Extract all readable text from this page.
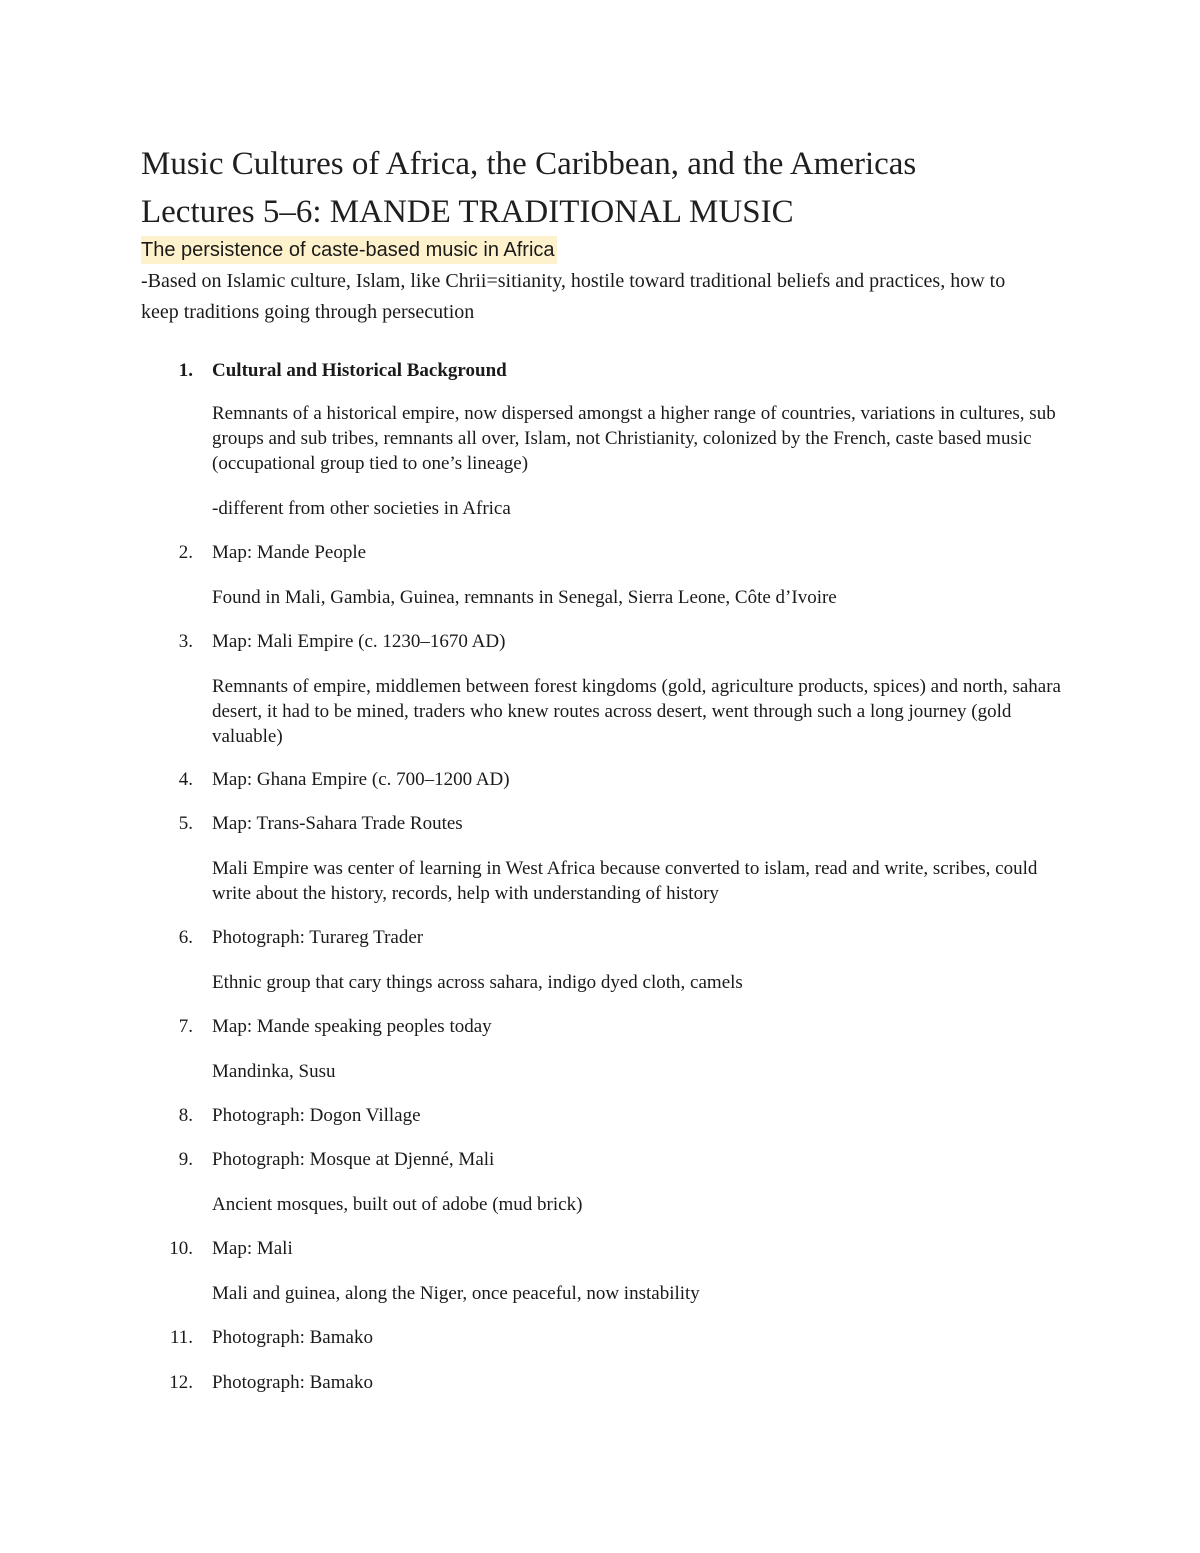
Music Cultures of Africa, the Caribbean, and the Americas
Lectures 5–6: MANDE TRADITIONAL MUSIC
The persistence of caste-based music in Africa
-Based on Islamic culture, Islam, like Chrii=sitianity, hostile toward traditional beliefs and practices, how to keep traditions going through persecution
1. Cultural and Historical Background
Remnants of a historical empire, now dispersed amongst a higher range of countries, variations in cultures, sub groups and sub tribes, remnants all over, Islam, not Christianity, colonized by the French, caste based music (occupational group tied to one’s lineage)
-different from other societies in Africa
2. Map: Mande People
Found in Mali, Gambia, Guinea, remnants in Senegal, Sierra Leone, Côte d’Ivoire
3. Map: Mali Empire (c. 1230–1670 AD)
Remnants of empire, middlemen between forest kingdoms (gold, agriculture products, spices) and north, sahara desert, it had to be mined, traders who knew routes across desert, went through such a long journey (gold valuable)
4. Map: Ghana Empire (c. 700–1200 AD)
5. Map: Trans-Sahara Trade Routes
Mali Empire was center of learning in West Africa because converted to islam, read and write, scribes, could write about the history, records, help with understanding of history
6. Photograph: Turareg Trader
Ethnic group that cary things across sahara, indigo dyed cloth, camels
7. Map: Mande speaking peoples today
Mandinka, Susu
8. Photograph: Dogon Village
9. Photograph: Mosque at Djenné, Mali
Ancient mosques, built out of adobe (mud brick)
10. Map: Mali
Mali and guinea, along the Niger, once peaceful, now instability
11. Photograph: Bamako
12. Photograph: Bamako
